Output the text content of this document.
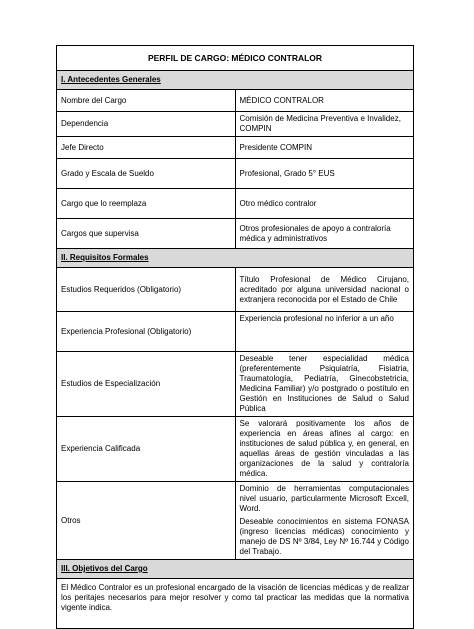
PERFIL DE CARGO: MÉDICO CONTRALOR	
I. Antecedentes Generales	
Nombre del Cargo	MÉDICO CONTRALOR
Dependencia	Comisión de Medicina Preventiva e Invalidez, COMPIN
Jefe Directo	Presidente COMPIN
Grado y Escala de Sueldo	Profesional, Grado 5° EUS
Cargo que lo reemplaza	Otro médico contralor
Cargos que supervisa	Otros profesionales de apoyo a contraloría médica y administrativos
II. Requisitos Formales	
Estudios Requeridos (Obligatorio)	Título Profesional de Médico Cirujano, acreditado por alguna universidad nacional o extranjera reconocida por el Estado de Chile
Experiencia Profesional (Obligatorio)	Experiencia profesional no inferior a un año
Estudios de Especialización	Deseable tener especialidad médica (preferentemente Psiquiatría, Fisiatria, Traumatología, Pediatría, Ginecobstetricia, Medicina Familiar) y/o postgrado o postítulo en Gestión en Instituciones de Salud o Salud Pública
Experiencia Calificada	Se valorará positivamente los años de experiencia en áreas afines al cargo: en instituciones de salud pública y, en general, en aquellas áreas de gestión vinculadas a las organizaciones de la salud y contraloría médica.
Otros	Dominio de herramientas computacionales nivel usuario, particularmente Microsoft Excell, Word.

Deseable conocimientos en sistema FONASA (ingreso licencias médicas) conocimiento y manejo de DS Nº 3/84, Ley Nº 16.744 y Código del Trabajo.

III. Objetivos del Cargo	
El Médico Contralor es un profesional encargado de la visación de licencias médicas y de realizar los peritajes necesarios para mejor resolver y como tal practicar las medidas que la normativa vigente indica.	
